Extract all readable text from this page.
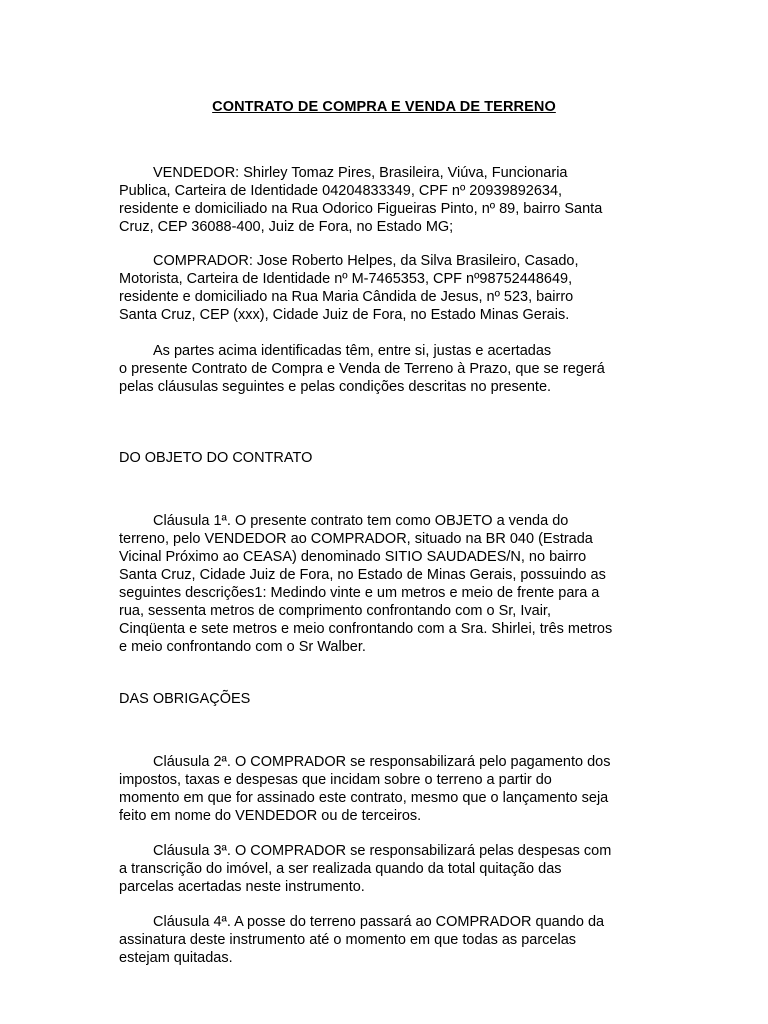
CONTRATO DE COMPRA E VENDA DE TERRENO
VENDEDOR: Shirley Tomaz Pires, Brasileira, Viúva, Funcionaria
Publica, Carteira de Identidade 04204833349, CPF nº 20939892634,
residente e domiciliado na Rua Odorico Figueiras Pinto, nº 89, bairro Santa
Cruz, CEP 36088-400, Juiz de Fora, no Estado MG;
COMPRADOR: Jose Roberto Helpes, da Silva Brasileiro, Casado,
Motorista, Carteira de Identidade nº M-7465353, CPF nº98752448649,
residente e domiciliado na Rua Maria Cândida de Jesus, nº 523, bairro
Santa Cruz, CEP (xxx), Cidade Juiz de Fora, no Estado Minas Gerais.
As partes acima identificadas têm, entre si, justas e acertadas
o presente Contrato de Compra e Venda de Terreno à Prazo, que se regerá
pelas cláusulas seguintes e pelas condições descritas no presente.
DO OBJETO DO CONTRATO
Cláusula 1ª. O presente contrato tem como OBJETO a venda do
terreno, pelo VENDEDOR ao COMPRADOR, situado na BR 040 (Estrada
Vicinal Próximo ao CEASA) denominado SITIO SAUDADES/N, no bairro
Santa Cruz, Cidade Juiz de Fora, no Estado de Minas Gerais, possuindo as
seguintes descrições1: Medindo vinte e um metros e meio de frente para a
rua, sessenta metros de comprimento confrontando com o Sr, Ivair,
Cinqüenta e sete metros e meio confrontando com a Sra. Shirlei, três metros
e meio confrontando com o Sr Walber.
DAS OBRIGAÇÕES
Cláusula 2ª. O COMPRADOR se responsabilizará pelo pagamento dos
impostos, taxas e despesas que incidam sobre o terreno a partir do
momento em que for assinado este contrato, mesmo que o lançamento seja
feito em nome do VENDEDOR ou de terceiros.
Cláusula 3ª. O COMPRADOR se responsabilizará pelas despesas com
a transcrição do imóvel, a ser realizada quando da total quitação das
parcelas acertadas neste instrumento.
Cláusula 4ª. A posse do terreno passará ao COMPRADOR quando da
assinatura deste instrumento até o momento em que todas as parcelas
estejam quitadas.
